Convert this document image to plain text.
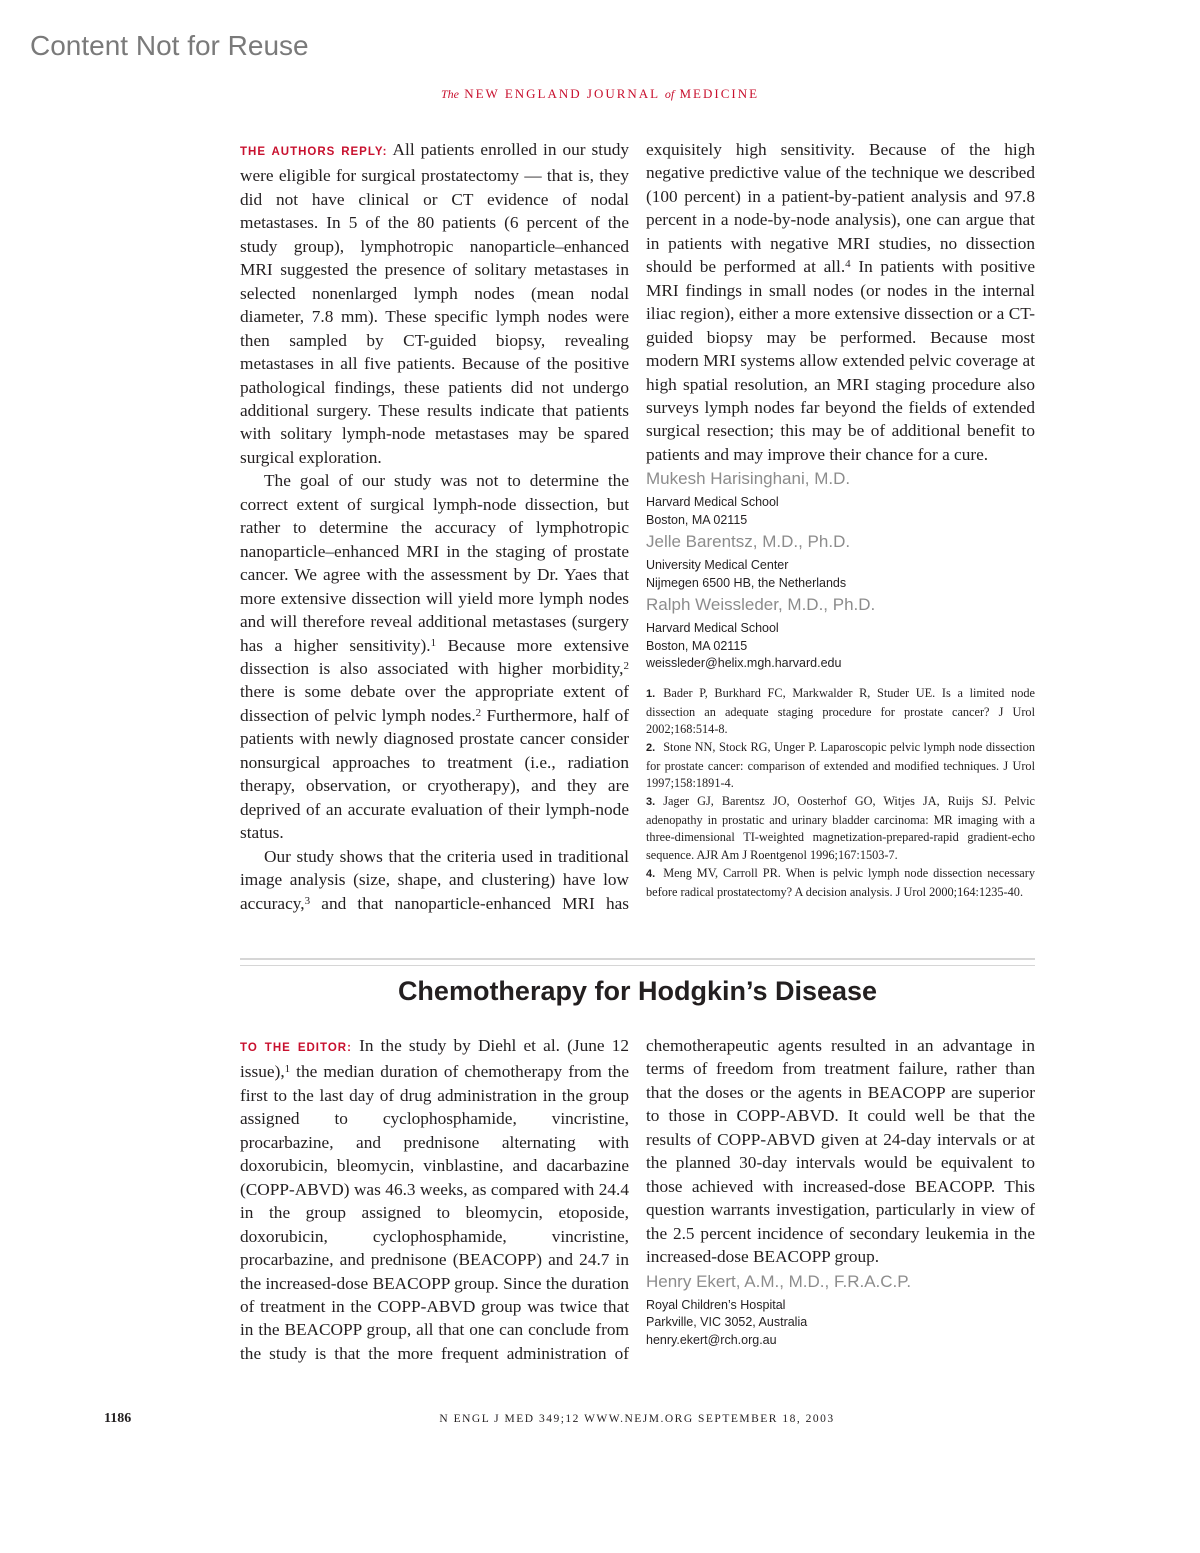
Content Not for Reuse
The NEW ENGLAND JOURNAL of MEDICINE
Chemotherapy for Hodgkin’s Disease

TO THE EDITOR: In the study by Diehl et al. (June 12 issue),$^1$ the median duration of chemotherapy from the first to the last day of drug administration in the group assigned to cyclophosphamide, vincristine, procarbazine, and prednisone alternating with doxorubicin, bleomycin, vinblastine, and dacarbazine (COPP-ABVD) was 46.3 weeks, as compared with 24.4 in the group assigned to bleomycin, etoposide, doxorubicin, cyclophosphamide, vincristine, procarbazine, and prednisone (BEACOPP) and 24.7 in the increased-dose BEACOPP group. Since the duration of treatment in the COPP-ABVD group was twice that in the BEACOPP group, all that one can conclude from the study is that the more frequent administration of chemotherapeutic agents resulted in an advantage in terms of freedom from treatment failure, rather than that the doses or the agents in BEACOPP are superior to those in COPP-ABVD. It could well be that the results of COPP-ABVD given at 24-day intervals or at the planned 30-day intervals would be equivalent to those achieved with increased-dose BEACOPP. This question warrants investigation, particularly in view of the 2.5 percent incidence of secondary leukemia in the increased-dose BEACOPP group.

Henry Ekert, A.M., M.D., F.R.A.C.P.
Royal Children’s Hospital
Parkville, VIC 3052, Australia
henry.ekert@rch.org.au
1186	N ENGL J MED 349;12 WWW.NEJM.ORG SEPTEMBER 18, 2003

THE AUTHORS REPLY: All patients enrolled in our study were eligible for surgical prostatectomy — that is, they did not have clinical or CT evidence of nodal metastases. In 5 of the 80 patients (6 percent of the study group), lymphotropic nanoparticle–enhanced MRI suggested the presence of solitary metastases in selected nonenlarged lymph nodes (mean nodal diameter, 7.8 mm). These specific lymph nodes were then sampled by CT-guided biopsy, revealing metastases in all five patients. Because of the positive pathological findings, these patients did not undergo additional surgery. These results indicate that patients with solitary lymph-node metastases may be spared surgical exploration.

The goal of our study was not to determine the correct extent of surgical lymph-node dissection, but rather to determine the accuracy of lymphotropic nanoparticle–enhanced MRI in the staging of prostate cancer. We agree with the assessment by Dr. Yaes that more extensive dissection will yield more lymph nodes and will therefore reveal additional metastases (surgery has a higher sensitivity).$^1$ Because more extensive dissection is also associated with higher morbidity,$^2$ there is some debate over the appropriate extent of dissection of pelvic lymph nodes.$^2$ Furthermore, half of patients with newly diagnosed prostate cancer consider nonsurgical approaches to treatment (i.e., radiation therapy, observation, or cryotherapy), and they are deprived of an accurate evaluation of their lymph-node status.

Our study shows that the criteria used in traditional image analysis (size, shape, and clustering) have low accuracy,$^3$ and that nanoparticle-enhanced MRI has exquisitely high sensitivity. Because of the high negative predictive value of the technique we described (100 percent) in a patient-by-patient analysis and 97.8 percent in a node-by-node analysis), one can argue that in patients with negative MRI studies, no dissection should be performed at all.$^4$ In patients with positive MRI findings in small nodes (or nodes in the internal iliac region), either a more extensive dissection or a CT-guided biopsy may be performed. Because most modern MRI systems allow extended pelvic coverage at high spatial resolution, an MRI staging procedure also surveys lymph nodes far beyond the fields of extended surgical resection; this may be of additional benefit to patients and may improve their chance for a cure.

Mukesh Harisinghani, M.D.
Harvard Medical School
Boston, MA 02115
Jelle Barentsz, M.D., Ph.D.
University Medical Center
Nijmegen 6500 HB, the Netherlands
Ralph Weissleder, M.D., Ph.D.
Harvard Medical School
Boston, MA 02115
weissleder@helix.mgh.harvard.edu
1. Bader P, Burkhard FC, Markwalder R, Studer UE. Is a limited node dissection an adequate staging procedure for prostate cancer? J Urol 2002;168:514-8.
2. Stone NN, Stock RG, Unger P. Laparoscopic pelvic lymph node dissection for prostate cancer: comparison of extended and modified techniques. J Urol 1997;158:1891-4.
3. Jager GJ, Barentsz JO, Oosterhof GO, Witjes JA, Ruijs SJ. Pelvic adenopathy in prostatic and urinary bladder carcinoma: MR imaging with a three-dimensional TI-weighted magnetization-prepared-rapid gradient-echo sequence. AJR Am J Roentgenol 1996;167:1503-7.
4. Meng MV, Carroll PR. When is pelvic lymph node dissection necessary before radical prostatectomy? A decision analysis. J Urol 2000;164:1235-40.
